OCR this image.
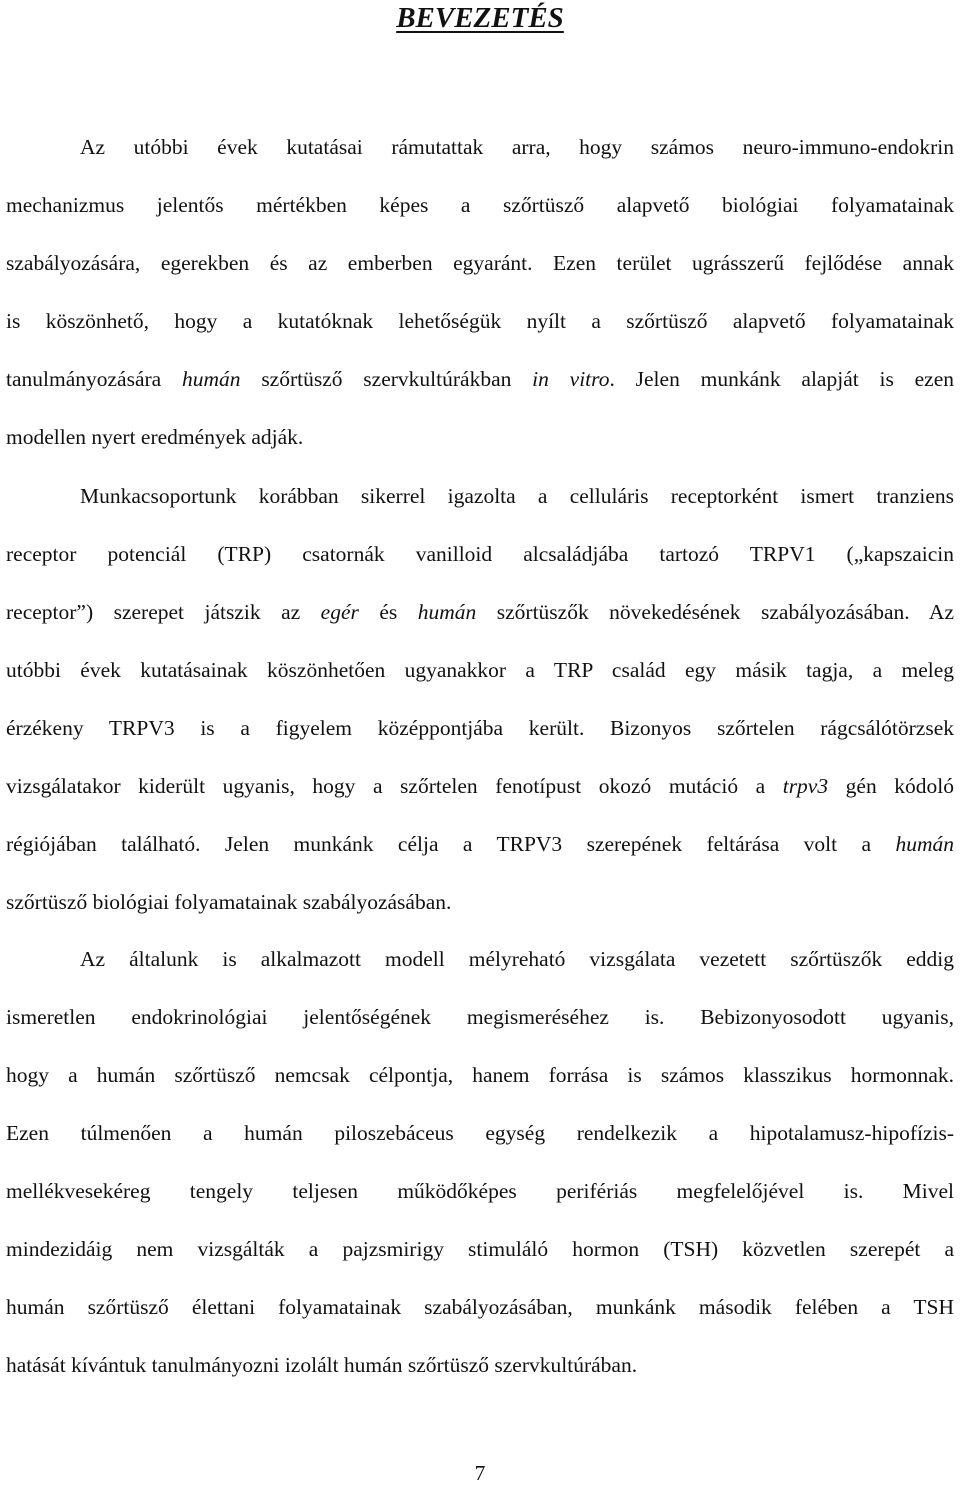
BEVEZETÉS
Az utóbbi évek kutatásai rámutattak arra, hogy számos neuro-immuno-endokrin
mechanizmus jelentős mértékben képes a szőrtüsző alapvető biológiai folyamatainak
szabályozására, egerekben és az emberben egyaránt. Ezen terület ugrásszerű fejlődése annak
is köszönhető, hogy a kutatóknak lehetőségük nyílt a szőrtüsző alapvető folyamatainak
tanulmányozására humán szőrtüsző szervkultúrákban in vitro. Jelen munkánk alapját is ezen
modellen nyert eredmények adják.
Munkacsoportunk korábban sikerrel igazolta a celluláris receptorként ismert tranziens
receptor potenciál (TRP) csatornák vanilloid alcsaládjába tartozó TRPV1 („kapszaicin
receptor”) szerepet játszik az egér és humán szőrtüszők növekedésének szabályozásában. Az
utóbbi évek kutatásainak köszönhetően ugyanakkor a TRP család egy másik tagja, a meleg
érzékeny TRPV3 is a figyelem középpontjába került. Bizonyos szőrtelen rágcsálótörzsek
vizsgálatakor kiderült ugyanis, hogy a szőrtelen fenotípust okozó mutáció a trpv3 gén kódoló
régiójában található. Jelen munkánk célja a TRPV3 szerepének feltárása volt a humán
szőrtüsző biológiai folyamatainak szabályozásában.
Az általunk is alkalmazott modell mélyreható vizsgálata vezetett szőrtüszők eddig
ismeretlen endokrinológiai jelentőségének megismeréséhez is. Bebizonyosodott ugyanis,
hogy a humán szőrtüsző nemcsak célpontja, hanem forrása is számos klasszikus hormonnak.
Ezen túlmenően a humán piloszebáceus egység rendelkezik a hipotalamusz-hipofízis-
mellékvesekéreg tengely teljesen működőképes perifériás megfelelőjével is. Mivel
mindezidáig nem vizsgálták a pajzsmirigy stimuláló hormon (TSH) közvetlen szerepét a
humán szőrtüsző élettani folyamatainak szabályozásában, munkánk második felében a TSH
hatását kívántuk tanulmányozni izolált humán szőrtüsző szervkultúrában.
7
